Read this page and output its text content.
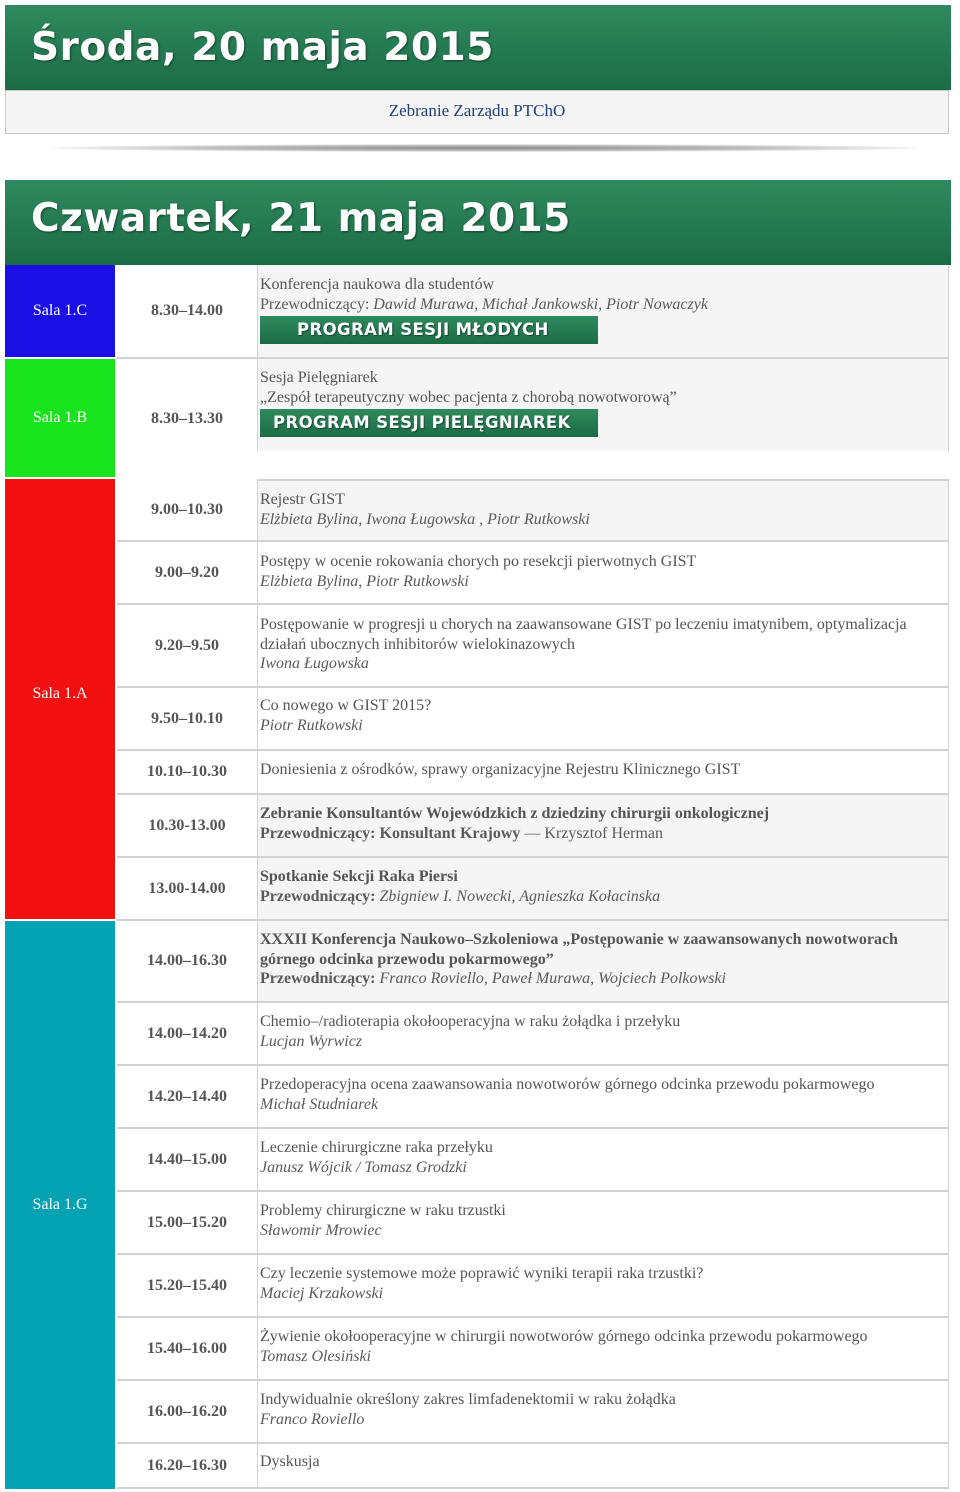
Środa, 20 maja 2015
Zebranie Zarządu PTChO
Czwartek, 21 maja 2015
Sala 1.C
Sala 1.B
Sala 1.A
Sala 1.G
8.30–14.00
Konferencja naukowa dla studentów
Przewodniczący: Dawid Murawa, Michał Jankowski, Piotr Nowaczyk
PROGRAM SESJI MŁODYCH
8.30–13.30
Sesja Pielęgniarek
„Zespół terapeutyczny wobec pacjenta z chorobą nowotworową”
PROGRAM SESJI PIELĘGNIAREK
9.00–10.30
Rejestr GIST
Elżbieta Bylina, Iwona Ługowska , Piotr Rutkowski
9.00–9.20
Postępy w ocenie rokowania chorych po resekcji pierwotnych GIST
Elżbieta Bylina, Piotr Rutkowski
9.20–9.50
Postępowanie w progresji u chorych na zaawansowane GIST po leczeniu imatynibem, optymalizacja działań ubocznych inhibitorów wielokinazowych
Iwona Ługowska
9.50–10.10
Co nowego w GIST 2015?
Piotr Rutkowski
10.10–10.30 Doniesienia z ośrodków, sprawy organizacyjne Rejestru Klinicznego GIST
10.30-13.00
Zebranie Konsultantów Wojewódzkich z dziedziny chirurgii onkologicznej
Przewodniczący: Konsultant Krajowy — Krzysztof Herman
13.00-14.00
Spotkanie Sekcji Raka Piersi
Przewodniczący: Zbigniew I. Nowecki, Agnieszka Kołacinska
14.00–16.30
XXXII Konferencja Naukowo–Szkoleniowa „Postępowanie w zaawansowanych nowotworach górnego odcinka przewodu pokarmowego”
Przewodniczący: Franco Roviello, Paweł Murawa, Wojciech Polkowski
14.00–14.20
Chemio–/radioterapia okołooperacyjna w raku żołądka i przełyku
Lucjan Wyrwicz
14.20–14.40
Przedoperacyjna ocena zaawansowania nowotworów górnego odcinka przewodu pokarmowego
Michał Studniarek
14.40–15.00
Leczenie chirurgiczne raka przełyku
Janusz Wójcik / Tomasz Grodzki
15.00–15.20
Problemy chirurgiczne w raku trzustki
Sławomir Mrowiec
15.20–15.40
Czy leczenie systemowe może poprawić wyniki terapii raka trzustki?
Maciej Krzakowski
15.40–16.00
Żywienie okołooperacyjne w chirurgii nowotworów górnego odcinka przewodu pokarmowego
Tomasz Olesiński
16.00–16.20
Indywidualnie określony zakres limfadenektomii w raku żołądka
Franco Roviello
16.20–16.30 Dyskusja
